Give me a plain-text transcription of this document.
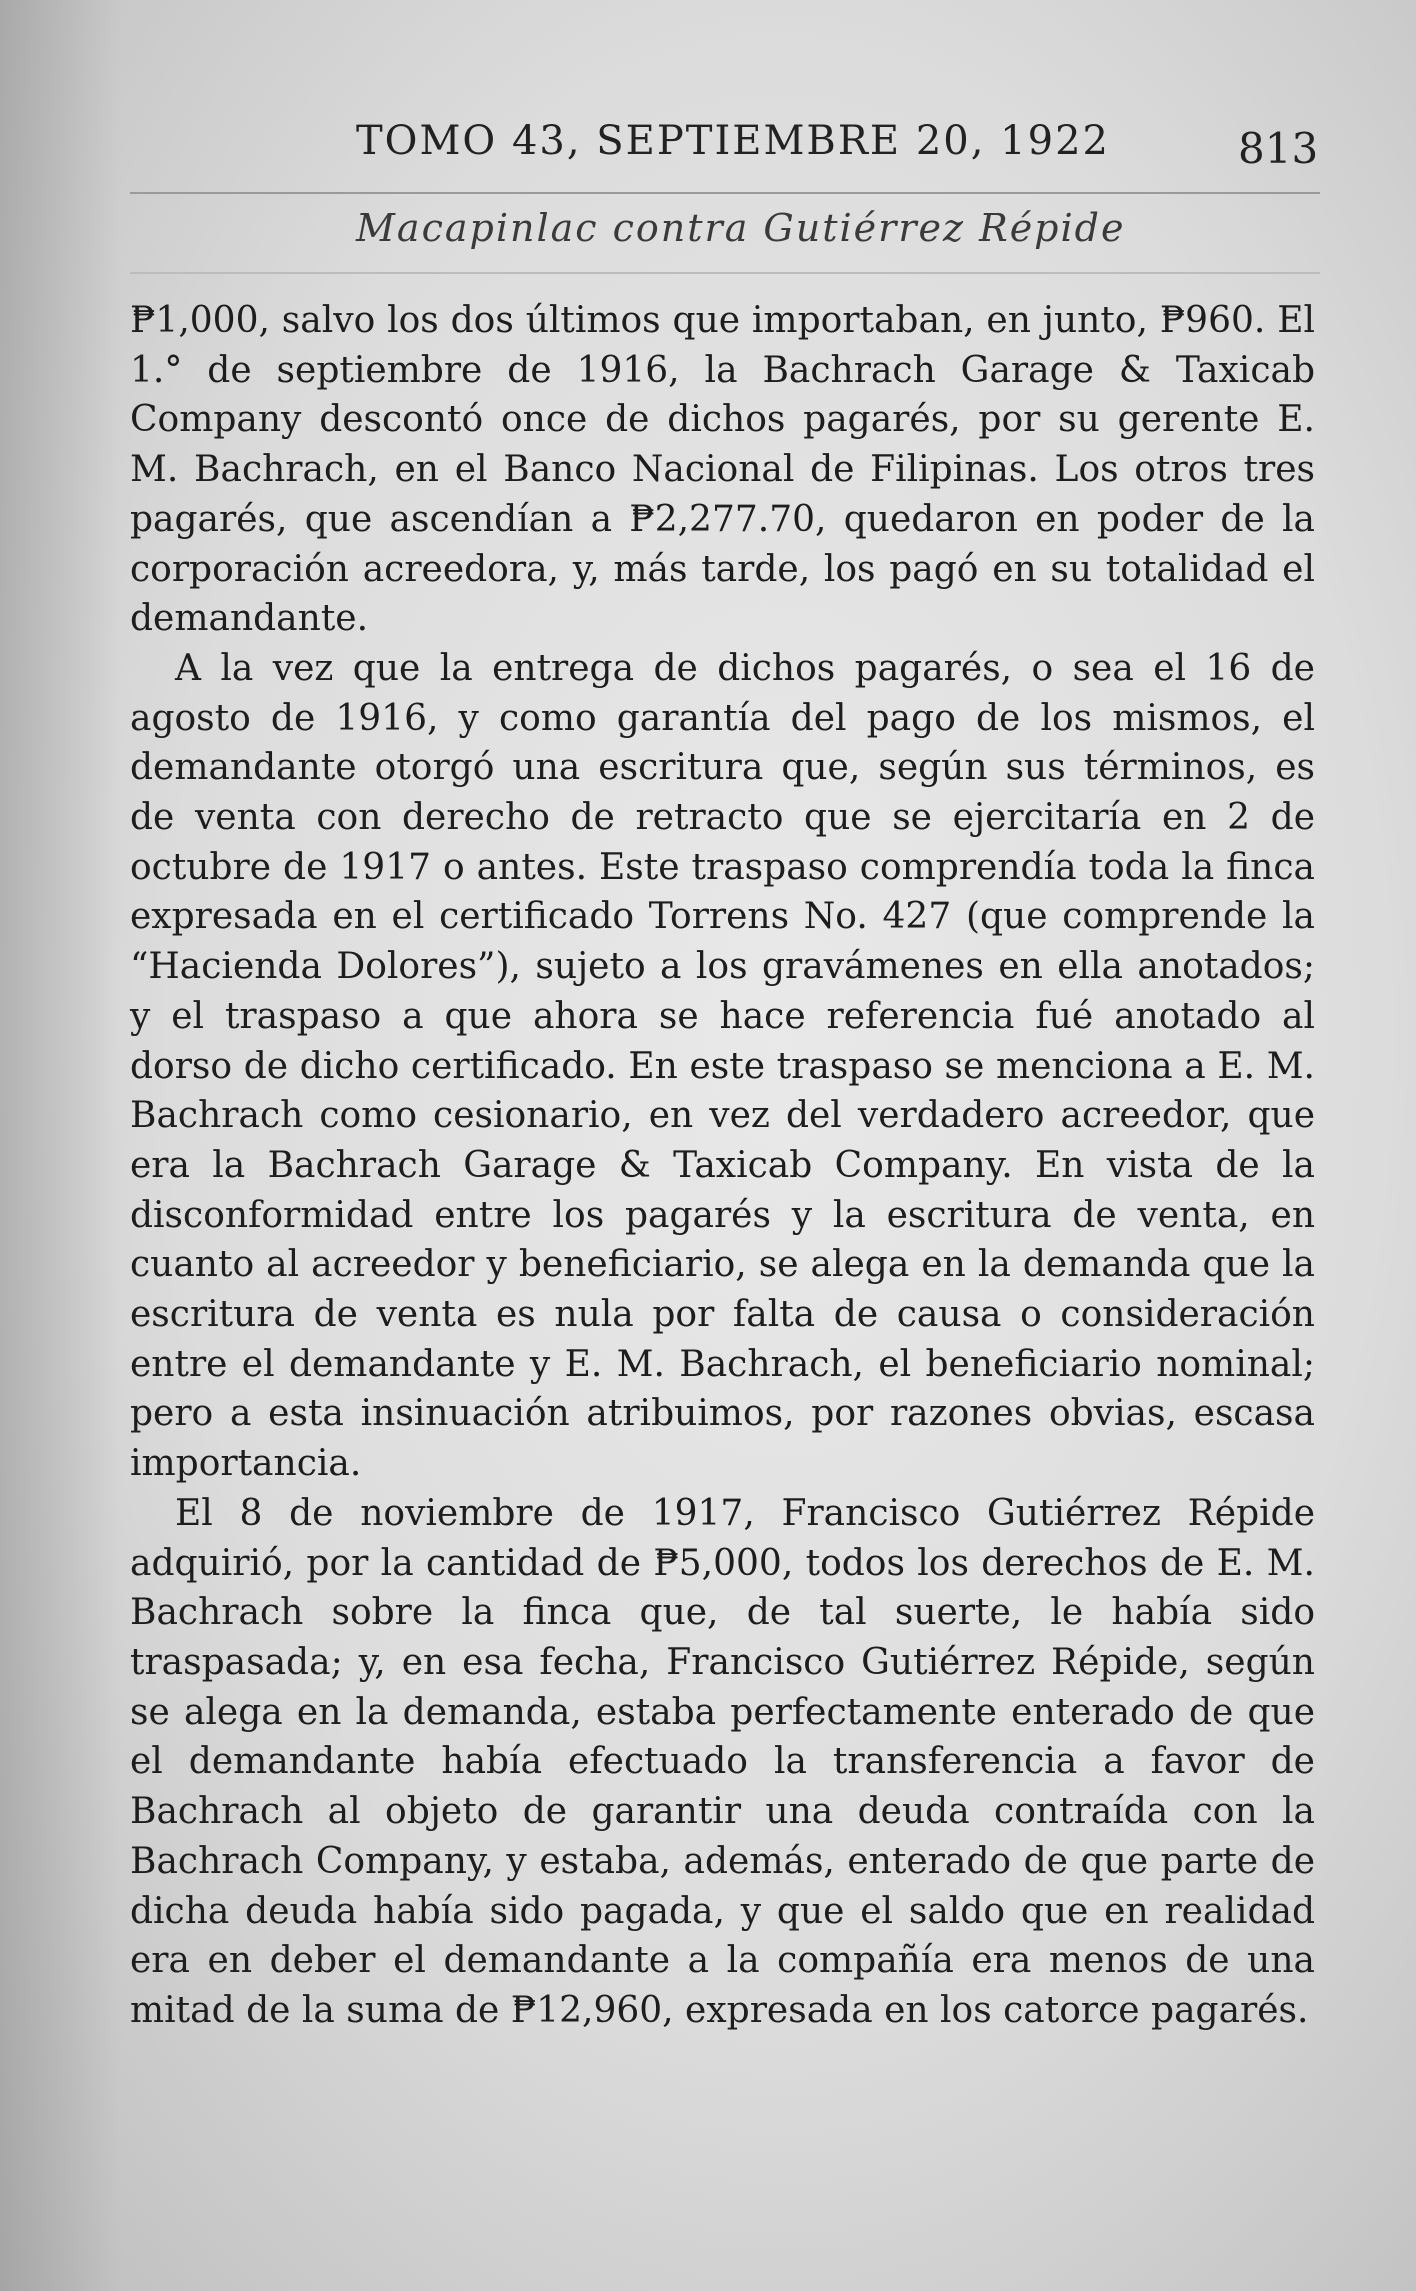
TOMO 43, SEPTIEMBRE 20, 1922	813
Macapinlac contra Gutiérrez Répide

₱1,000, salvo los dos últimos que importaban, en junto, ₱960. El 1.° de septiembre de 1916, la Bachrach Garage & Taxicab Company descontó once de dichos pagarés, por su gerente E. M. Bachrach, en el Banco Nacional de Filipinas. Los otros tres pagarés, que ascendían a ₱2,277.70, quedaron en poder de la corporación acreedora, y, más tarde, los pagó en su totalidad el demandante.

A la vez que la entrega de dichos pagarés, o sea el 16 de agosto de 1916, y como garantía del pago de los mismos, el demandante otorgó una escritura que, según sus términos, es de venta con derecho de retracto que se ejercitaría en 2 de octubre de 1917 o antes. Este traspaso comprendía toda la finca expresada en el certificado Torrens No. 427 (que comprende la “Hacienda Dolores”), sujeto a los gravámenes en ella anotados; y el traspaso a que ahora se hace referencia fué anotado al dorso de dicho certificado. En este traspaso se menciona a E. M. Bachrach como cesionario, en vez del verdadero acreedor, que era la Bachrach Garage & Taxicab Company. En vista de la disconformidad entre los pagarés y la escritura de venta, en cuanto al acreedor y beneficiario, se alega en la demanda que la escritura de venta es nula por falta de causa o consideración entre el demandante y E. M. Bachrach, el beneficiario nominal; pero a esta insinuación atribuimos, por razones obvias, escasa importancia.

El 8 de noviembre de 1917, Francisco Gutiérrez Répide adquirió, por la cantidad de ₱5,000, todos los derechos de E. M. Bachrach sobre la finca que, de tal suerte, le había sido traspasada; y, en esa fecha, Francisco Gutiérrez Répide, según se alega en la demanda, estaba perfectamente enterado de que el demandante había efectuado la transferencia a favor de Bachrach al objeto de garantir una deuda contraída con la Bachrach Company, y estaba, además, enterado de que parte de dicha deuda había sido pagada, y que el saldo que en realidad era en deber el demandante a la compañía era menos de una mitad de la suma de ₱12,960, expresada en los catorce pagarés.
